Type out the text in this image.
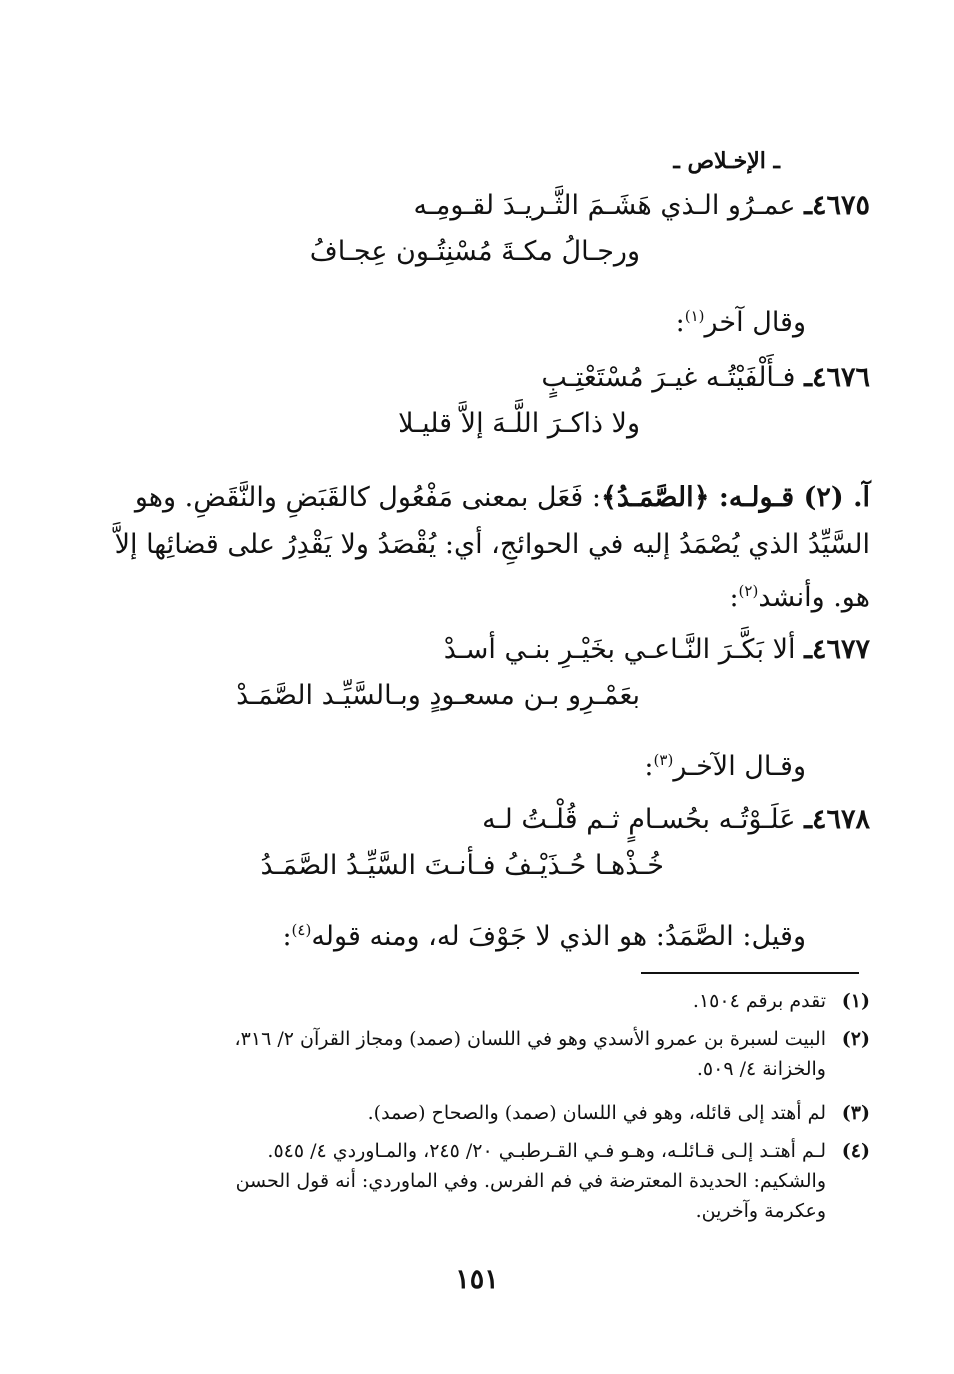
ـ الإخـلاص ـ
٤٦٧٥ـ عمـرُو الـذي هَشَـمَ الثَّـريـدَ لقـومِـه
ورجـالُ مكـةَ مُسْنِتُـون عِجـافُ
وقال آخر$^{(١)}$:
٤٦٧٦ـ فـأَلْفَيْتُـه غيـرَ مُسْتَعْتِـبٍ
ولا ذاكـرَ اللَّـهَ إلاَّ قليـلا
آ. (٢) قـولـه: ﴿الصَّمَـدُ﴾: فَعَل بمعنى مَفْعُول كالقَبَضِ والنَّقَضِ. وهو السَّيِّدُ الذي يُصْمَدُ إليه في الحوائجِ، أي: يُقْصَدُ ولا يَقْدِرُ على قضائِها إلاَّ هو. وأنشد$^{(٢)}$:
٤٦٧٧ـ ألا بَكَّـرَ النَّـاعـي بخَيْـرِ بنـي أسـدْ
بعَمْـرِو بـن مسعـودٍ وبـالسَّيِّـد الصَّمَـدْ
وقـال الآخـر$^{(٣)}$:
٤٦٧٨ـ عَلَـوْتُـه بحُسـامٍ ثـم قُلْـتُ لـه
خُـذْهـا حُـذَيْـفُ فـأنـتَ السَّيِّـدُ الصَّمَـدُ
وقيل: الصَّمَدُ: هو الذي لا جَوْفَ له، ومنه قوله$^{(٤)}$:
(١)تقدم برقم ١٥٠٤.
(٢)البيت لسبرة بن عمرو الأسدي وهو في اللسان (صمد) ومجاز القرآن ٢/ ٣١٦،
والخزانة ٤/ ٥٠٩.
(٣)لم أهتد إلى قائله، وهو في اللسان (صمد) والصحاح (صمد).
(٤)لـم أهتـد إلـى قـائلـه، وهـو فـي القـرطبـي ٢٠/ ٢٤٥، والمـاوردي ٤/ ٥٤٥.
والشكيم: الحديدة المعترضة في فم الفرس. وفي الماوردي: أنه قول الحسن
وعكرمة وآخرين.
١٥١
